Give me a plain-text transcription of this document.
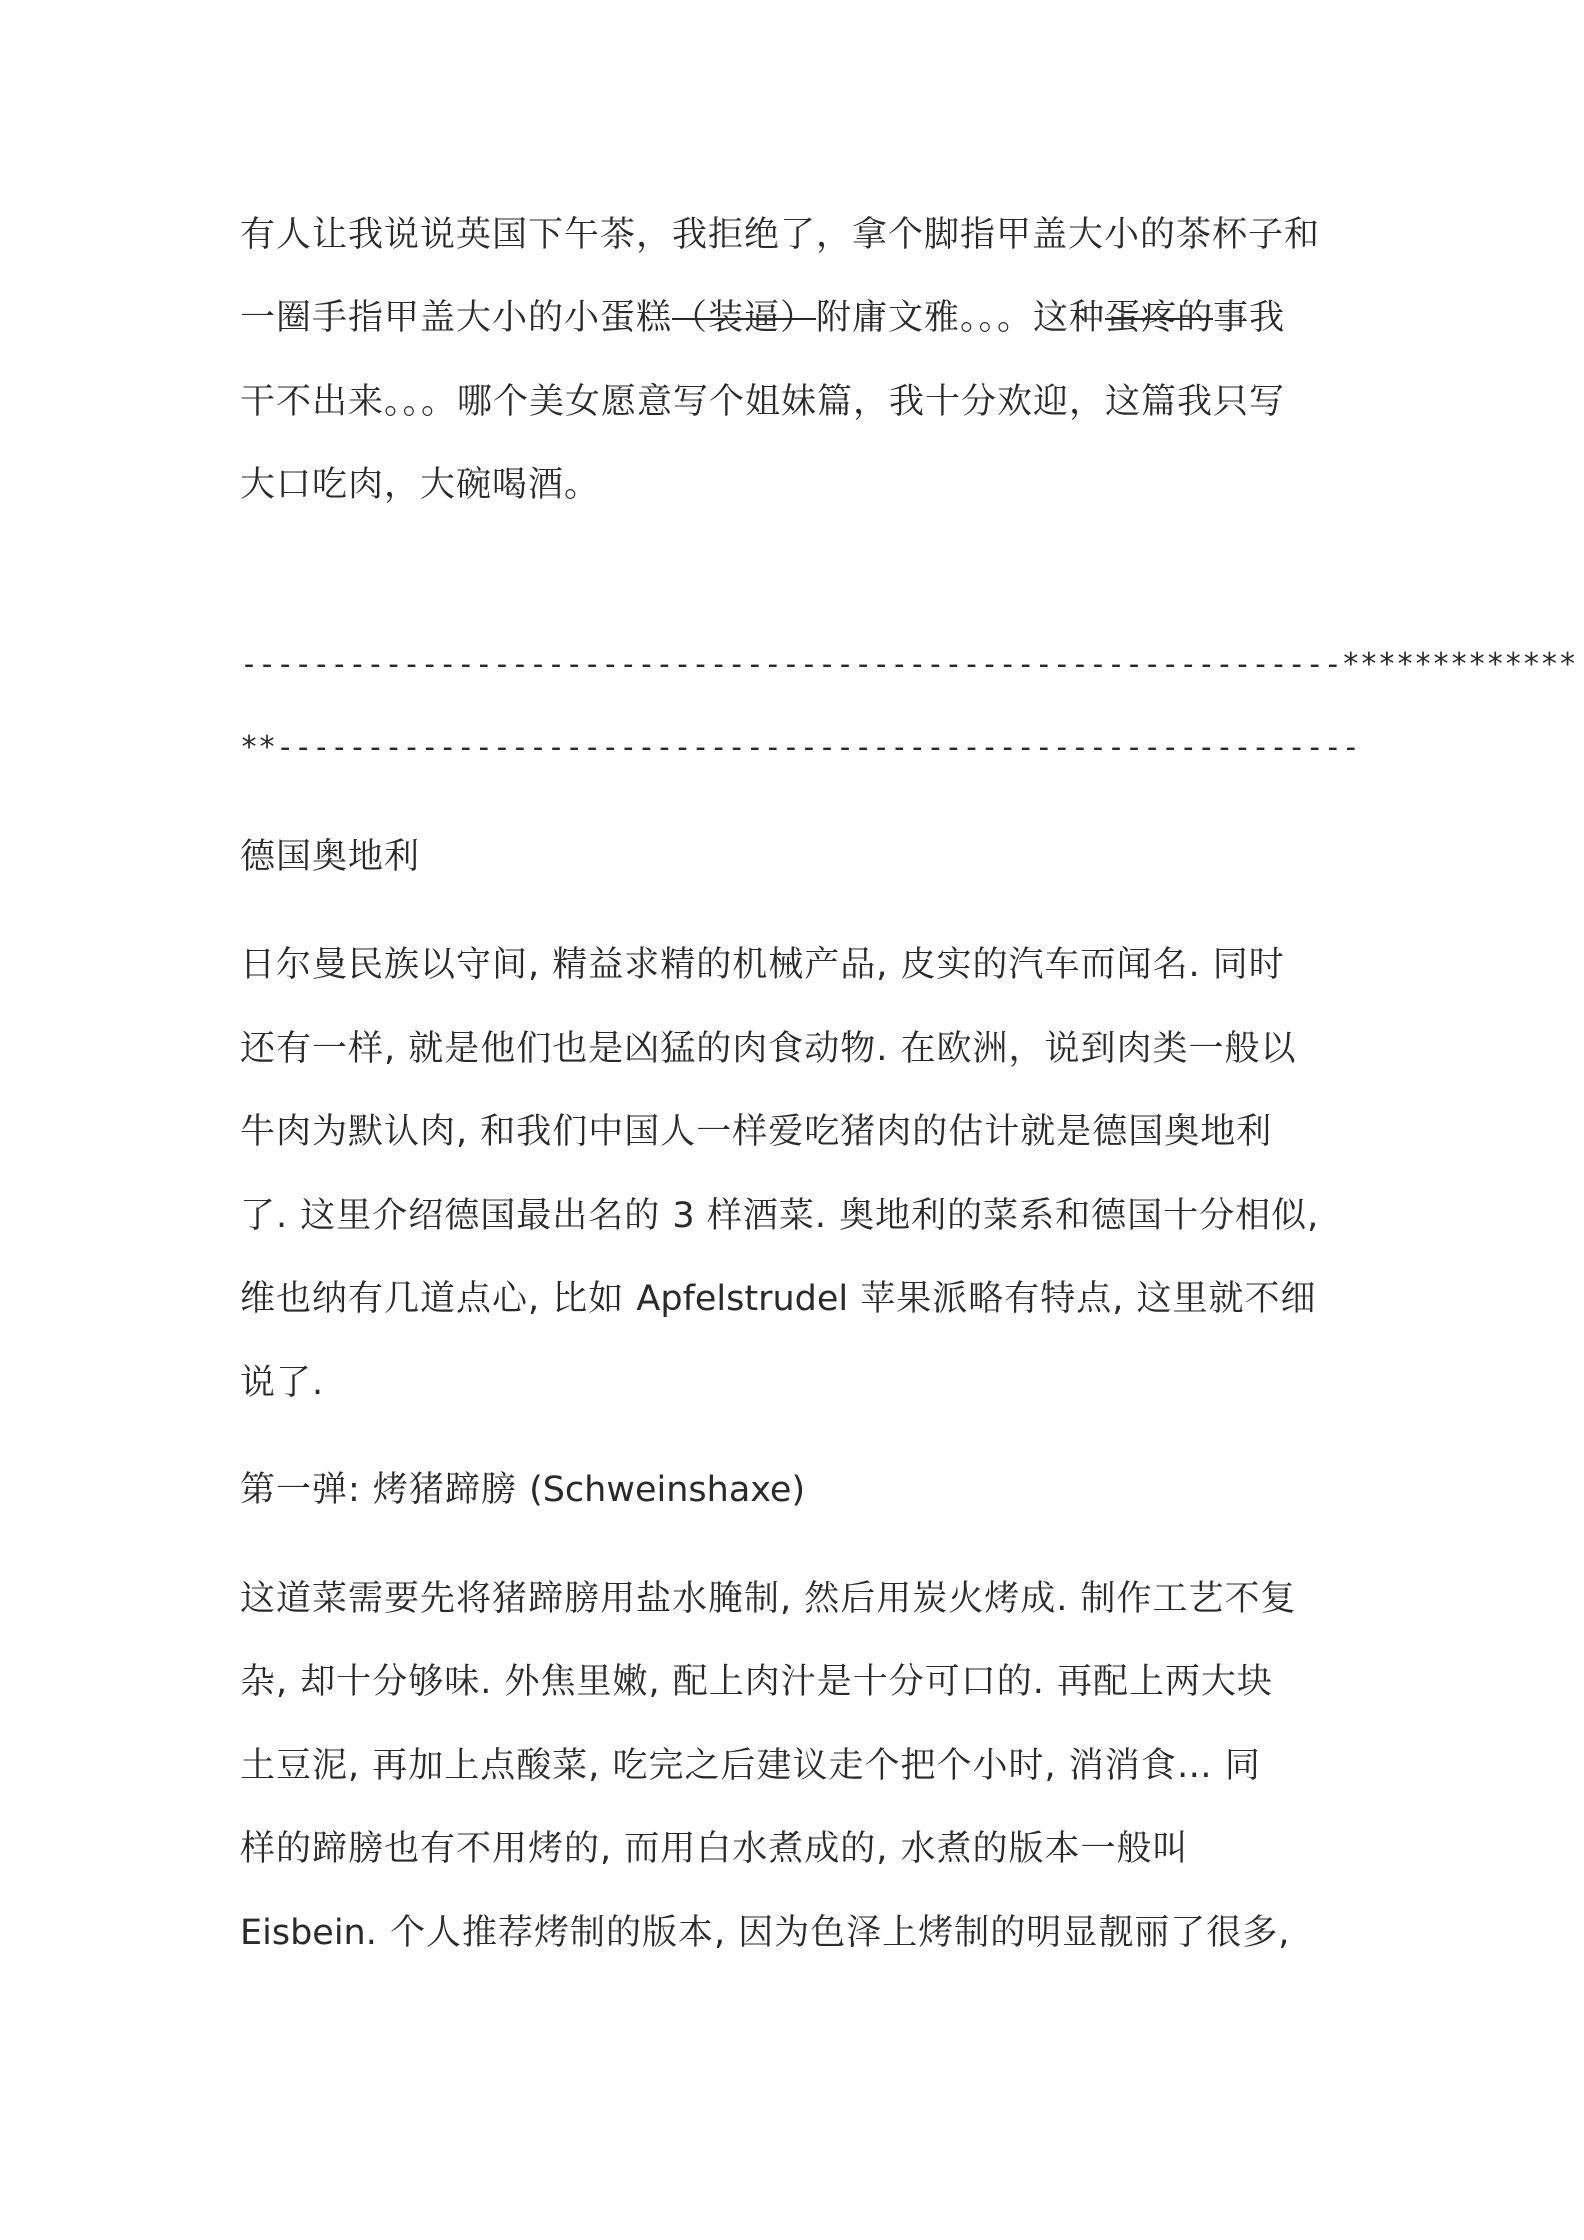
有人让我说说英国下午茶，我拒绝了，拿个脚指甲盖大小的茶杯子和
一圈手指甲盖大小的小蛋糕（装逼）附庸文雅。。。这种蛋疼的事我
干不出来。。。哪个美女愿意写个姐妹篇，我十分欢迎，这篇我只写
大口吃肉，大碗喝酒。
-------------------------------------------------------------*************
**------------------------------------------------------------
德国奥地利
日尔曼民族以守间, 精益求精的机械产品, 皮实的汽车而闻名. 同时
还有一样, 就是他们也是凶猛的肉食动物. 在欧洲，说到肉类一般以
牛肉为默认肉, 和我们中国人一样爱吃猪肉的估计就是德国奥地利
了. 这里介绍德国最出名的 3 样酒菜. 奥地利的菜系和德国十分相似,
维也纳有几道点心, 比如 Apfelstrudel 苹果派略有特点, 这里就不细
说了.
第一弹: 烤猪蹄膀 (Schweinshaxe)
这道菜需要先将猪蹄膀用盐水腌制, 然后用炭火烤成. 制作工艺不复
杂, 却十分够味. 外焦里嫩, 配上肉汁是十分可口的. 再配上两大块
土豆泥, 再加上点酸菜, 吃完之后建议走个把个小时, 消消食… 同
样的蹄膀也有不用烤的, 而用白水煮成的, 水煮的版本一般叫
Eisbein. 个人推荐烤制的版本, 因为色泽上烤制的明显靓丽了很多,
